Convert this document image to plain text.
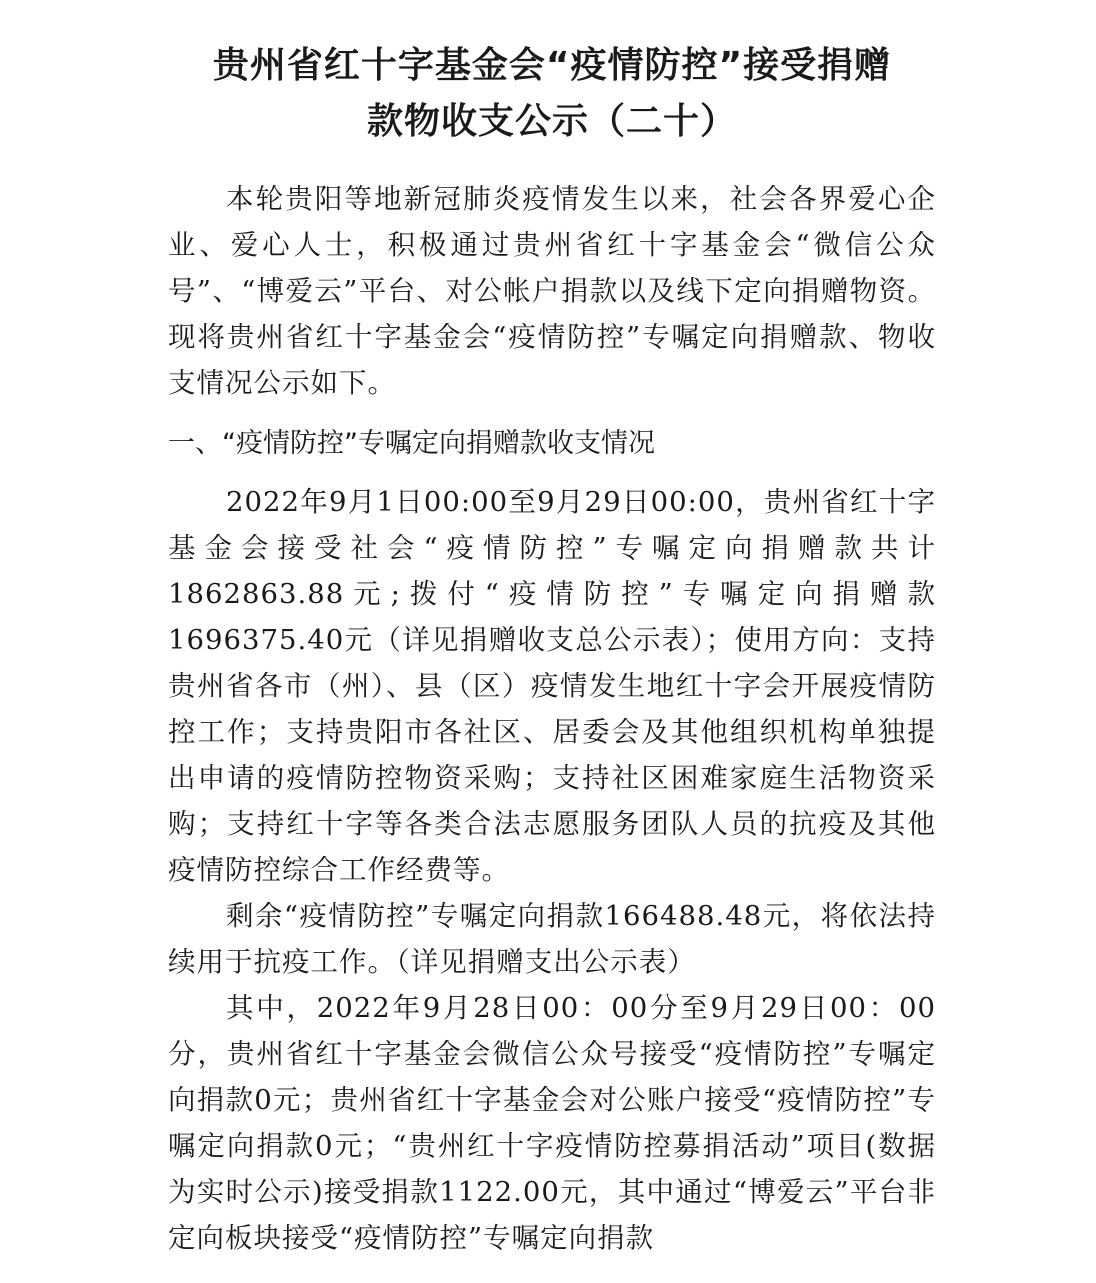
贵州省红十字基金会“疫情防控”接受捐赠
款物收支公示（二十）

本轮贵阳等地新冠肺炎疫情发生以来，社会各界爱心企业、爱心人士，积极通过贵州省红十字基金会“微信公众号”、“博爱云”平台、对公帐户捐款以及线下定向捐赠物资。现将贵州省红十字基金会“疫情防控”专嘱定向捐赠款、物收支情况公示如下。

一、“疫情防控”专嘱定向捐赠款收支情况

2022年9月1日00:00至9月29日00:00，贵州省红十字基金会接受社会“疫情防控”专嘱定向捐赠款共计1862863.88元;拨付“疫情防控”专嘱定向捐赠款1696375.40元（详见捐赠收支总公示表）；使用方向：支持贵州省各市（州）、县（区）疫情发生地红十字会开展疫情防控工作；支持贵阳市各社区、居委会及其他组织机构单独提出申请的疫情防控物资采购；支持社区困难家庭生活物资采购；支持红十字等各类合法志愿服务团队人员的抗疫及其他疫情防控综合工作经费等。

剩余“疫情防控”专嘱定向捐款166488.48元，将依法持续用于抗疫工作。（详见捐赠支出公示表）

其中，2022年9月28日00：00分至9月29日00：00分，贵州省红十字基金会微信公众号接受“疫情防控”专嘱定向捐款0元；贵州省红十字基金会对公账户接受“疫情防控”专嘱定向捐款0元；“贵州红十字疫情防控募捐活动”项目(数据为实时公示)接受捐款1122.00元，其中通过“博爱云”平台非定向板块接受“疫情防控”专嘱定向捐款
